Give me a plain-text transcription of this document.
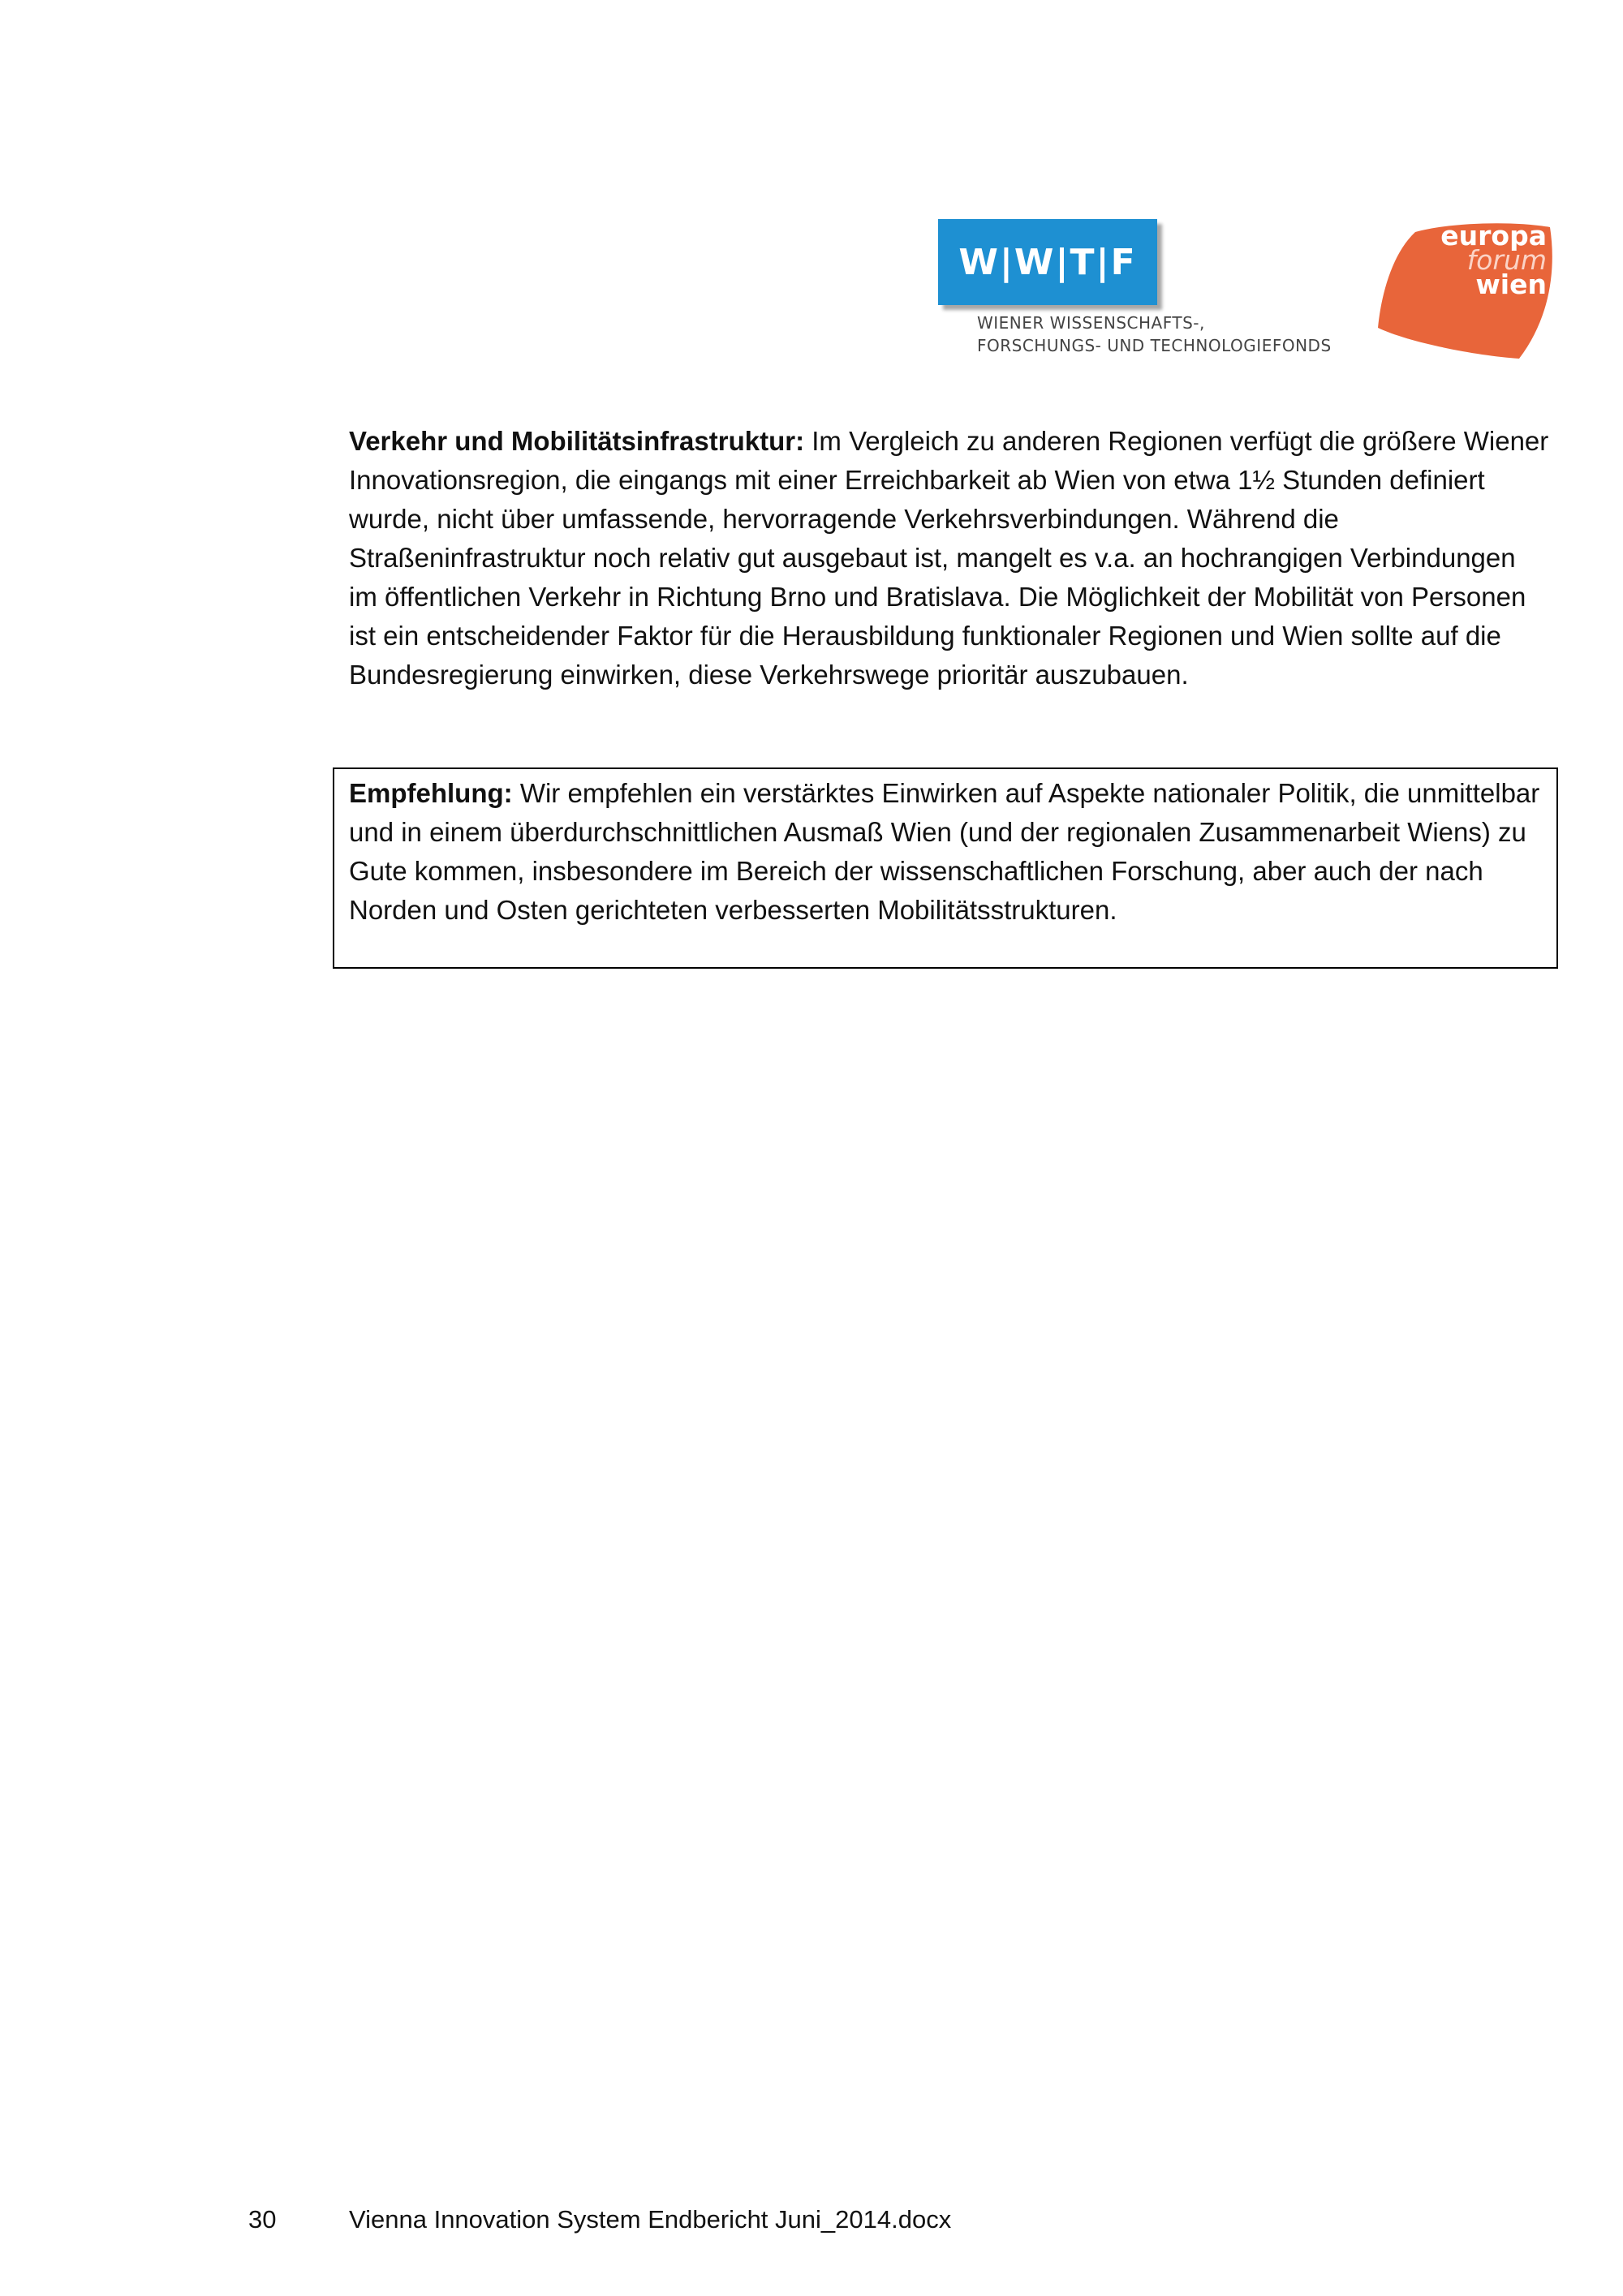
W|W|T|F
WIENER WISSENSCHAFTS-,
FORSCHUNGS- UND TECHNOLOGIEFONDS
europa
forum
wien

Verkehr und Mobilitätsinfrastruktur: Im Vergleich zu anderen Regionen verfügt die größere Wiener Innovationsregion, die eingangs mit einer Erreichbarkeit ab Wien von etwa 1½ Stunden definiert wurde, nicht über umfassende, hervorragende Verkehrsverbindungen. Während die Straßeninfrastruktur noch relativ gut ausgebaut ist, mangelt es v.a. an hochrangigen Verbindungen im öffentlichen Verkehr in Richtung Brno und Bratislava. Die Möglichkeit der Mobilität von Personen ist ein entscheidender Faktor für die Herausbildung funktionaler Regionen und Wien sollte auf die Bundesregierung einwirken, diese Verkehrswege prioritär auszubauen.

Empfehlung: Wir empfehlen ein verstärktes Einwirken auf Aspekte nationaler Politik, die unmittelbar und in einem überdurchschnittlichen Ausmaß Wien (und der regionalen Zusammenarbeit Wiens) zu Gute kommen, insbesondere im Bereich der wissenschaftlichen Forschung, aber auch der nach Norden und Osten gerichteten verbesserten Mobilitätsstrukturen.

30	Vienna Innovation System Endbericht Juni_2014.docx
